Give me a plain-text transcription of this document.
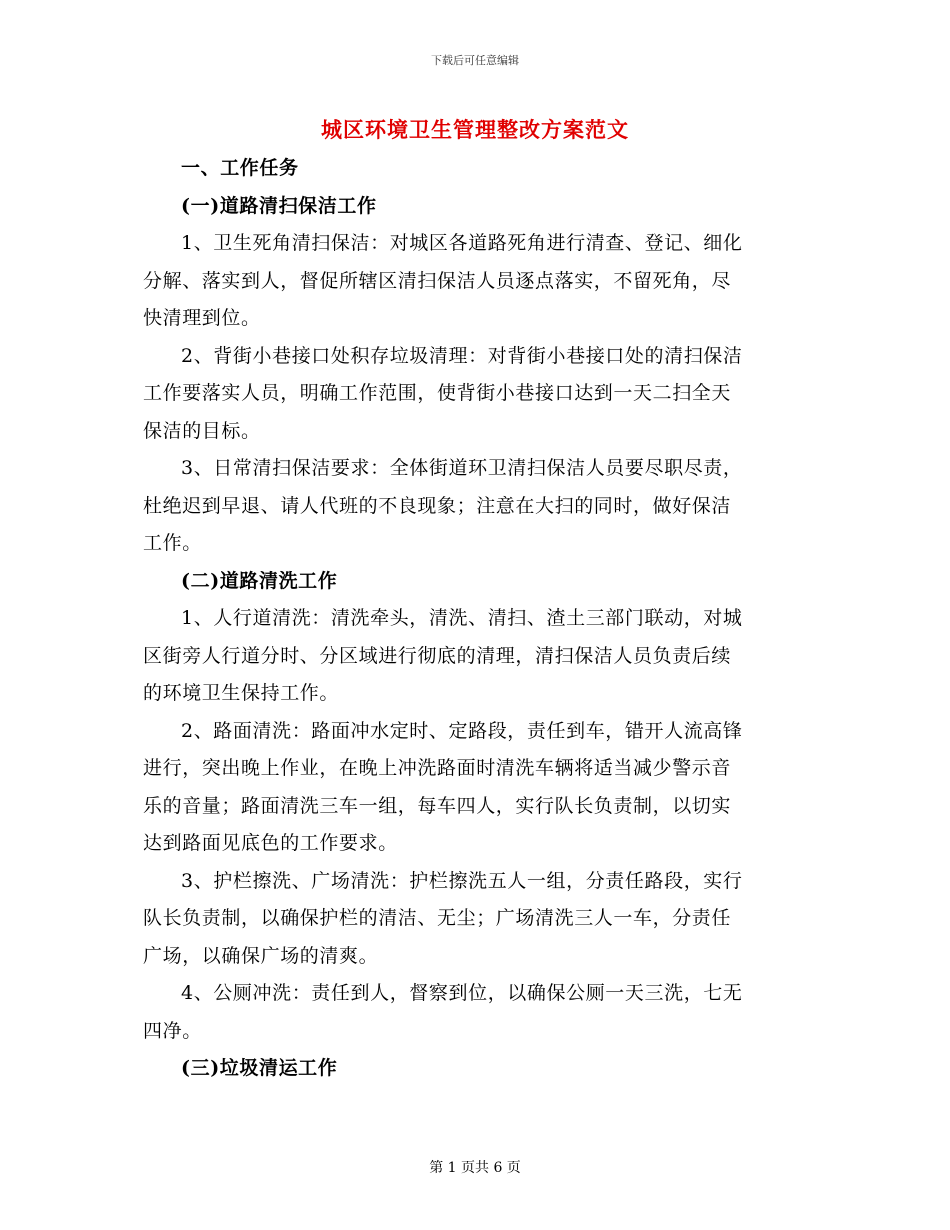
下载后可任意编辑
城区环境卫生管理整改方案范文
一、工作任务
(一)道路清扫保洁工作
1、卫生死角清扫保洁：对城区各道路死角进行清查、登记、细化
分解、落实到人，督促所辖区清扫保洁人员逐点落实，不留死角，尽
快清理到位。
2、背街小巷接口处积存垃圾清理：对背街小巷接口处的清扫保洁
工作要落实人员，明确工作范围，使背街小巷接口达到一天二扫全天
保洁的目标。
3、日常清扫保洁要求：全体街道环卫清扫保洁人员要尽职尽责，
杜绝迟到早退、请人代班的不良现象；注意在大扫的同时，做好保洁
工作。
(二)道路清洗工作
1、人行道清洗：清洗牵头，清洗、清扫、渣土三部门联动，对城
区街旁人行道分时、分区域进行彻底的清理，清扫保洁人员负责后续
的环境卫生保持工作。
2、路面清洗：路面冲水定时、定路段，责任到车，错开人流高锋
进行，突出晚上作业，在晚上冲洗路面时清洗车辆将适当减少警示音
乐的音量；路面清洗三车一组，每车四人，实行队长负责制，以切实
达到路面见底色的工作要求。
3、护栏擦洗、广场清洗：护栏擦洗五人一组，分责任路段，实行
队长负责制，以确保护栏的清洁、无尘；广场清洗三人一车，分责任
广场，以确保广场的清爽。
4、公厕冲洗：责任到人，督察到位，以确保公厕一天三洗，七无
四净。
(三)垃圾清运工作
第 1 页共 6 页
